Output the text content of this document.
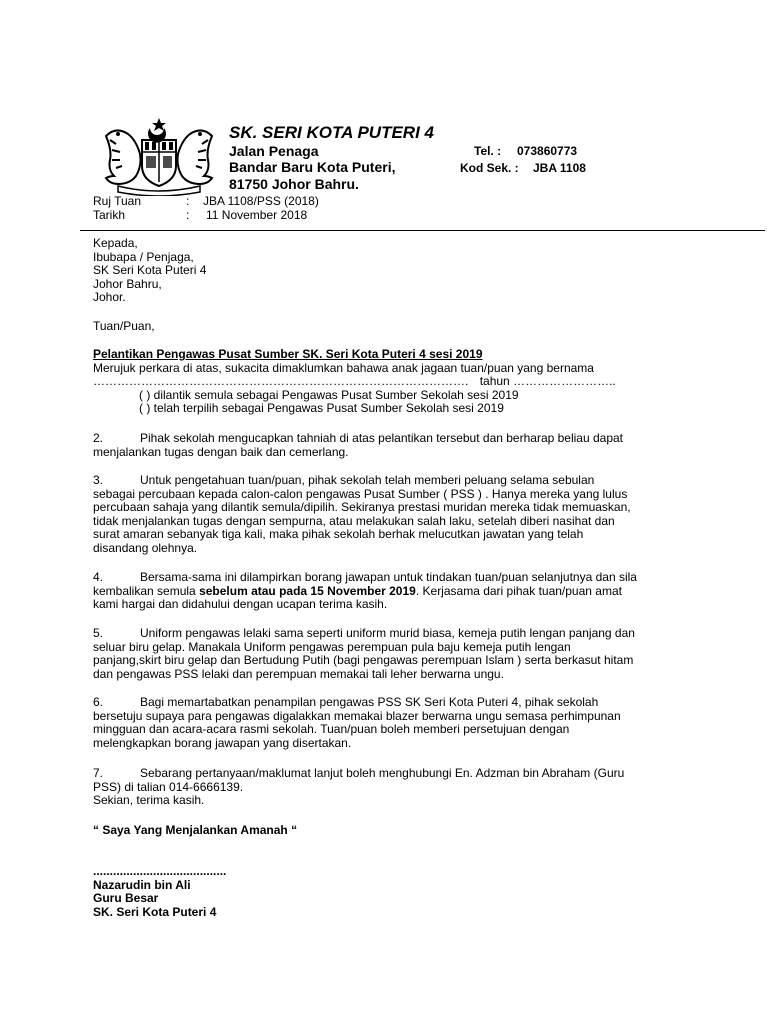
SK. SERI KOTA PUTERI 4
Jalan Penaga
Bandar Baru Kota Puteri,
81750 Johor Bahru.
Tel. : 073860773
Kod Sek. : JBA 1108
Ruj Tuan	: JBA 1108/PSS (2018)
Tarikh	: 11 November 2018
Kepada,
Ibubapa / Penjaga,
SK Seri Kota Puteri 4
Johor Bahru,
Johor.
Tuan/Puan,
Pelantikan Pengawas Pusat Sumber SK. Seri Kota Puteri 4 sesi 2019
Merujuk perkara di atas, sukacita dimaklumkan bahawa anak jagaan tuan/puan yang bernama
…………………………………………………………………………………. tahun ……………………..
( ) dilantik semula sebagai Pengawas Pusat Sumber Sekolah sesi 2019
( ) telah terpilih sebagai Pengawas Pusat Sumber Sekolah sesi 2019
2.	Pihak sekolah mengucapkan tahniah di atas pelantikan tersebut dan berharap beliau dapat
menjalankan tugas dengan baik dan cemerlang.
3.	Untuk pengetahuan tuan/puan, pihak sekolah telah memberi peluang selama sebulan
sebagai percubaan kepada calon-calon pengawas Pusat Sumber ( PSS ) . Hanya mereka yang lulus
percubaan sahaja yang dilantik semula/dipilih. Sekiranya prestasi muridan mereka tidak memuaskan,
tidak menjalankan tugas dengan sempurna, atau melakukan salah laku, setelah diberi nasihat dan
surat amaran sebanyak tiga kali, maka pihak sekolah berhak melucutkan jawatan yang telah
disandang olehnya.
4.	Bersama-sama ini dilampirkan borang jawapan untuk tindakan tuan/puan selanjutnya dan sila
kembalikan semula sebelum atau pada 15 November 2019. Kerjasama dari pihak tuan/puan amat
kami hargai dan didahului dengan ucapan terima kasih.
5.	Uniform pengawas lelaki sama seperti uniform murid biasa, kemeja putih lengan panjang dan
seluar biru gelap. Manakala Uniform pengawas perempuan pula baju kemeja putih lengan
panjang,skirt biru gelap dan Bertudung Putih (bagi pengawas perempuan Islam ) serta berkasut hitam
dan pengawas PSS lelaki dan perempuan memakai tali leher berwarna ungu.
6.	Bagi memartabatkan penampilan pengawas PSS SK Seri Kota Puteri 4, pihak sekolah
bersetuju supaya para pengawas digalakkan memakai blazer berwarna ungu semasa perhimpunan
mingguan dan acara-acara rasmi sekolah. Tuan/puan boleh memberi persetujuan dengan
melengkapkan borang jawapan yang disertakan.
7.	Sebarang pertanyaan/maklumat lanjut boleh menghubungi En. Adzman bin Abraham (Guru
PSS) di talian 014-6666139.
Sekian, terima kasih.
“ Saya Yang Menjalankan Amanah “
........................................
Nazarudin bin Ali
Guru Besar
SK. Seri Kota Puteri 4
